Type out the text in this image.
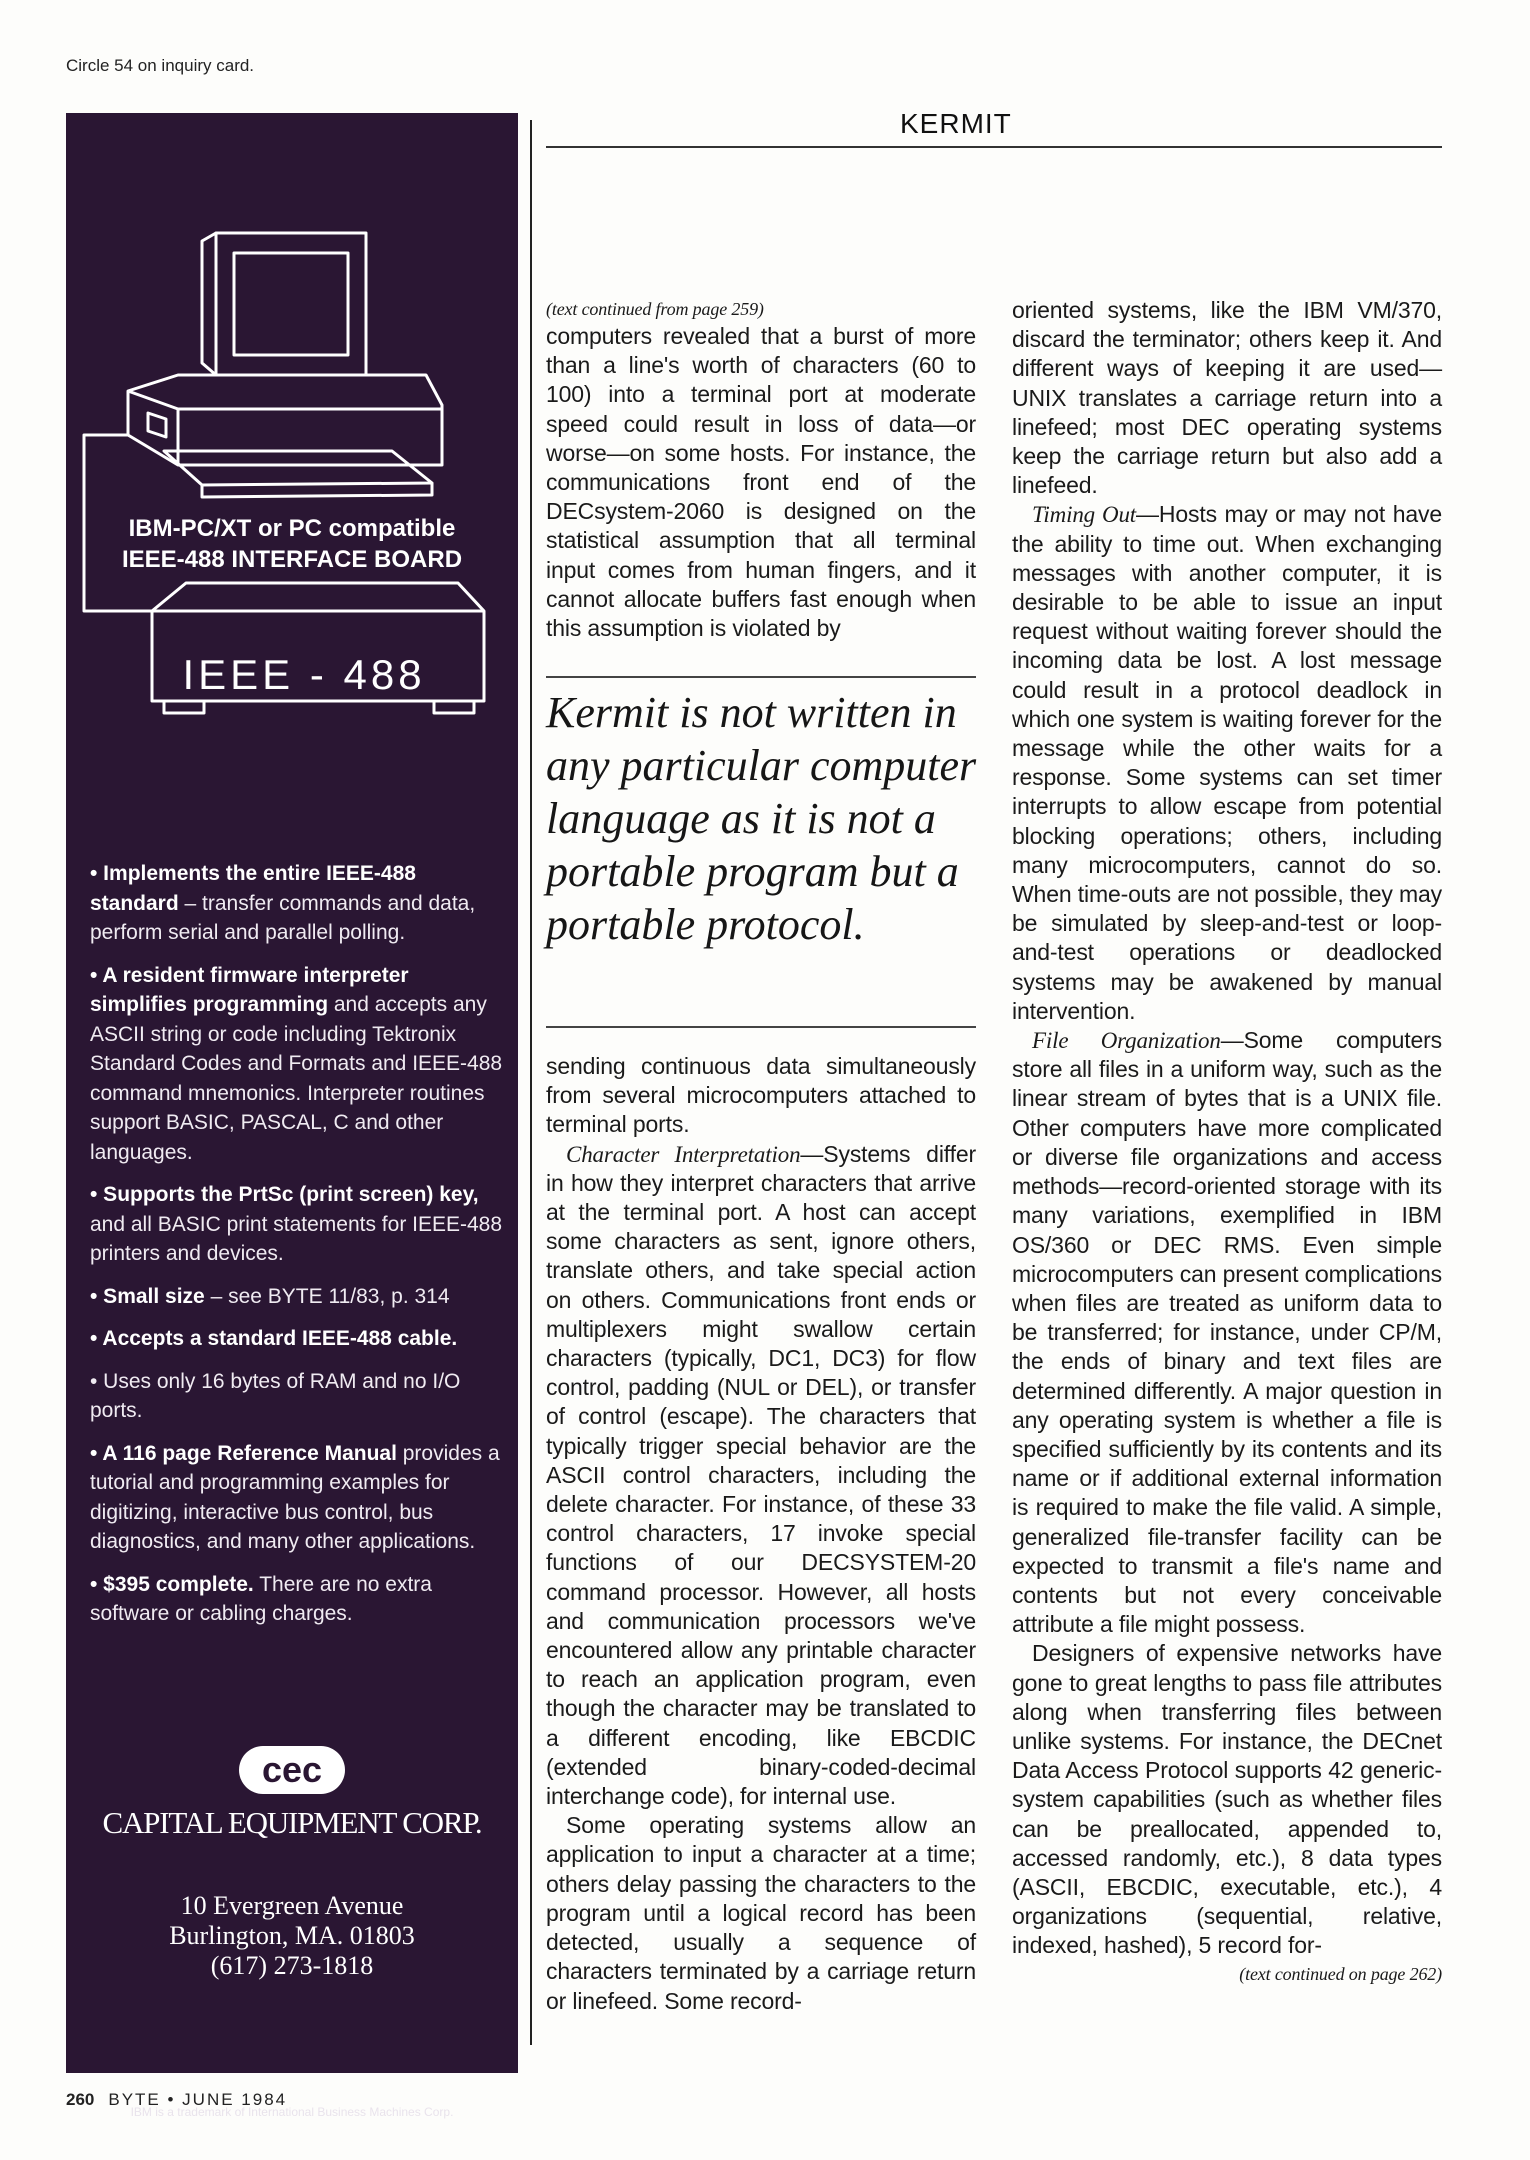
Circle 54 on inquiry card.
IBM-PC/XT or PC compatible
IEEE-488 INTERFACE BOARD
IEEE - 488
• Implements the entire IEEE-488 standard – transfer commands and data, perform serial and parallel polling.
• A resident firmware interpreter simplifies programming and accepts any ASCII string or code including Tektronix Standard Codes and Formats and IEEE-488 command mnemonics. Interpreter routines support BASIC, PASCAL, C and other languages.
• Supports the PrtSc (print screen) key, and all BASIC print statements for IEEE-488 printers and devices.
• Small size – see BYTE 11/83, p. 314
• Accepts a standard IEEE-488 cable.
• Uses only 16 bytes of RAM and no I/O ports.
• A 116 page Reference Manual provides a tutorial and programming examples for digitizing, interactive bus control, bus diagnostics, and many other applications.
• $395 complete. There are no extra software or cabling charges.
cec
CAPITAL EQUIPMENT CORP.
10 Evergreen Avenue
Burlington, MA. 01803
(617) 273-1818
IBM is a trademark of International Business Machines Corp.
KERMIT

(text continued from page 259)

computers revealed that a burst of more than a line's worth of characters (60 to 100) into a terminal port at moderate speed could result in loss of data—or worse—on some hosts. For instance, the communications front end of the DECsystem-2060 is designed on the statistical assumption that all terminal input comes from human fingers, and it cannot allocate buffers fast enough when this assumption is violated by

Kermit is not written in any particular computer language as it is not a portable program but a portable protocol.

sending continuous data simultaneously from several microcomputers attached to terminal ports.

Character Interpretation—Systems differ in how they interpret characters that arrive at the terminal port. A host can accept some characters as sent, ignore others, translate others, and take special action on others. Communications front ends or multiplexers might swallow certain characters (typically, DC1, DC3) for flow control, padding (NUL or DEL), or transfer of control (escape). The characters that typically trigger special behavior are the ASCII control characters, including the delete character. For instance, of these 33 control characters, 17 invoke special functions of our DECSYSTEM-20 command processor. However, all hosts and communication processors we've encountered allow any printable character to reach an application program, even though the character may be translated to a different encoding, like EBCDIC (extended binary-coded-decimal interchange code), for internal use.

Some operating systems allow an application to input a character at a time; others delay passing the characters to the program until a logical record has been detected, usually a sequence of characters terminated by a carriage return or linefeed. Some record-

oriented systems, like the IBM VM/370, discard the terminator; others keep it. And different ways of keeping it are used—UNIX translates a carriage return into a linefeed; most DEC operating systems keep the carriage return but also add a linefeed.

Timing Out—Hosts may or may not have the ability to time out. When exchanging messages with another computer, it is desirable to be able to issue an input request without waiting forever should the incoming data be lost. A lost message could result in a protocol deadlock in which one system is waiting forever for the message while the other waits for a response. Some systems can set timer interrupts to allow escape from potential blocking operations; others, including many microcomputers, cannot do so. When time-outs are not possible, they may be simulated by sleep-and-test or loop-and-test operations or deadlocked systems may be awakened by manual intervention.

File Organization—Some computers store all files in a uniform way, such as the linear stream of bytes that is a UNIX file. Other computers have more complicated or diverse file organizations and access methods—record-oriented storage with its many variations, exemplified in IBM OS/360 or DEC RMS. Even simple microcomputers can present complications when files are treated as uniform data to be transferred; for instance, under CP/M, the ends of binary and text files are determined differently. A major question in any operating system is whether a file is specified sufficiently by its contents and its name or if additional external information is required to make the file valid. A simple, generalized file-transfer facility can be expected to transmit a file's name and contents but not every conceivable attribute a file might possess.

Designers of expensive networks have gone to great lengths to pass file attributes along when transferring files between unlike systems. For instance, the DECnet Data Access Protocol supports 42 generic-system capabilities (such as whether files can be preallocated, appended to, accessed randomly, etc.), 8 data types (ASCII, EBCDIC, executable, etc.), 4 organizations (sequential, relative, indexed, hashed), 5 record for-

(text continued on page 262)

260 BYTE • JUNE 1984
